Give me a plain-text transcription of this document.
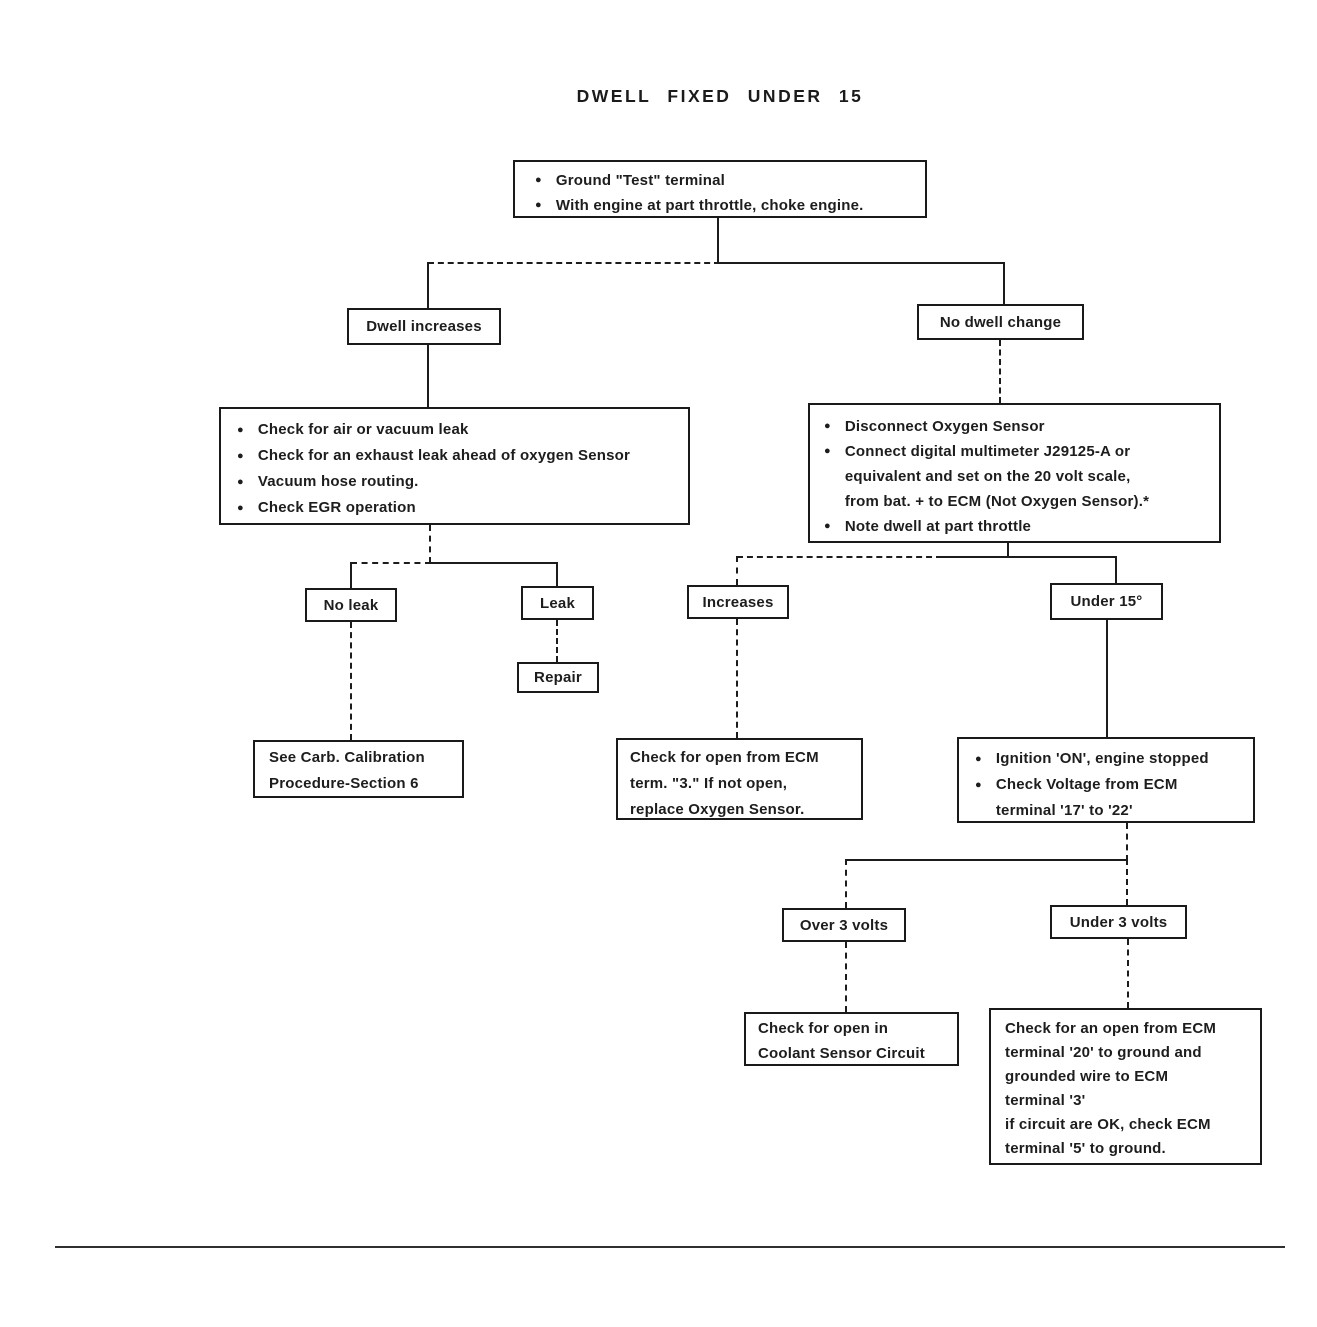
DWELL FIXED UNDER 15
● Ground "Test" terminal
● With engine at part throttle, choke engine.
Dwell increases	No dwell change
● Check for air or vacuum leak
● Check for an exhaust leak ahead of oxygen Sensor
● Vacuum hose routing.
● Check EGR operation
● Disconnect Oxygen Sensor
● Connect digital multimeter J29125-A or
equivalent and set on the 20 volt scale,
from bat. + to ECM (Not Oxygen Sensor).*
● Note dwell at part throttle
No leak	Leak	Increases	Under 15°
Repair
See Carb. Calibration
Procedure-Section 6
Check for open from ECM
term. "3." If not open,
replace Oxygen Sensor.
● Ignition 'ON', engine stopped
● Check Voltage from ECM
terminal '17' to '22'
Over 3 volts	Under 3 volts
Check for open in
Coolant Sensor Circuit
Check for an open from ECM
terminal '20' to ground and
grounded wire to ECM
terminal '3'
if circuit are OK, check ECM
terminal '5' to ground.
